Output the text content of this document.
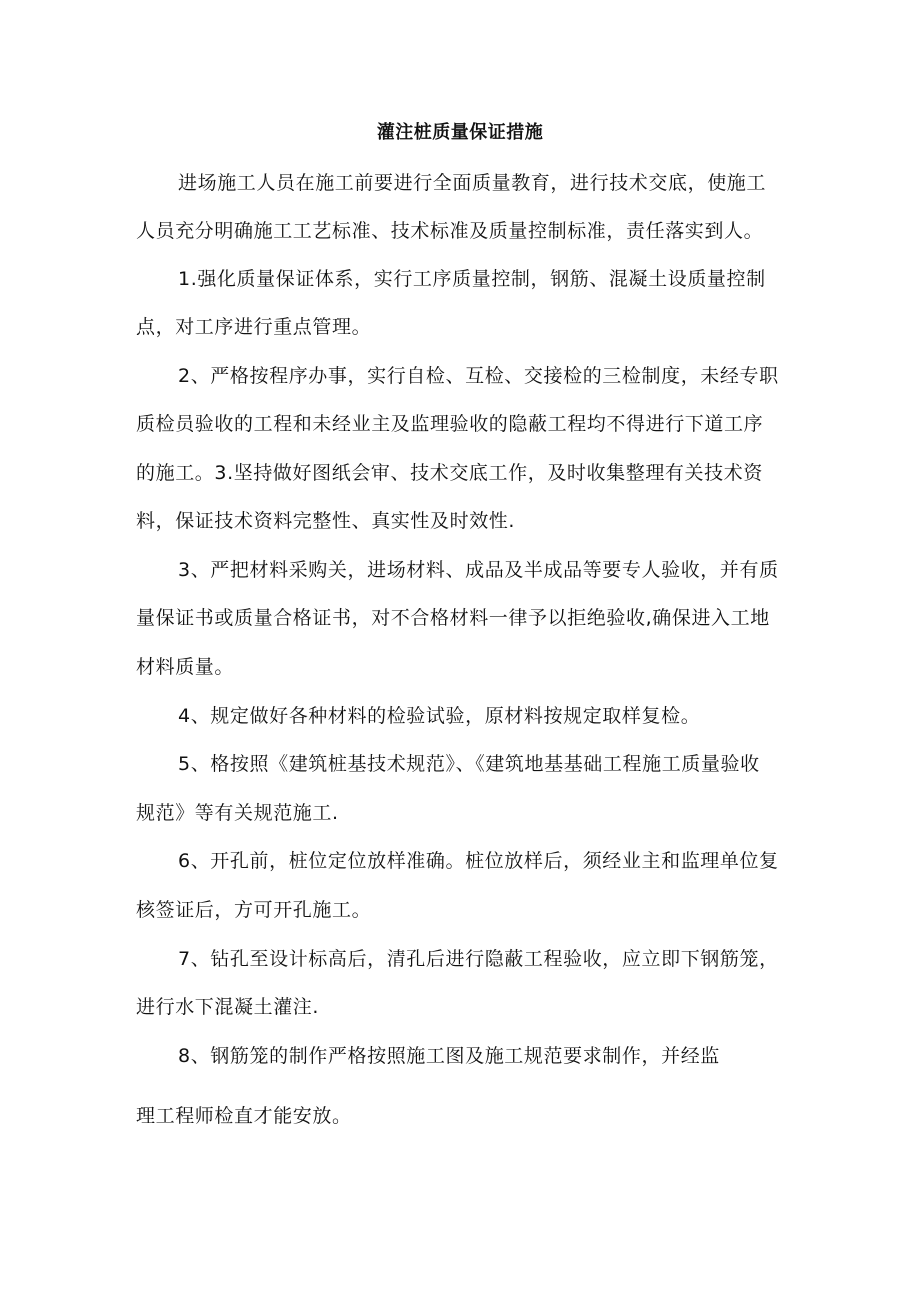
灌注桩质量保证措施
进场施工人员在施工前要进行全面质量教育，进行技术交底，使施工
人员充分明确施工工艺标准、技术标准及质量控制标准，责任落实到人。
1.强化质量保证体系，实行工序质量控制，钢筋、混凝土设质量控制
点，对工序进行重点管理。
2、严格按程序办事，实行自检、互检、交接检的三检制度，未经专职
质检员验收的工程和未经业主及监理验收的隐蔽工程均不得进行下道工序
的施工。3.坚持做好图纸会审、技术交底工作，及时收集整理有关技术资
料，保证技术资料完整性、真实性及时效性.
3、严把材料采购关，进场材料、成品及半成品等要专人验收，并有质
量保证书或质量合格证书，对不合格材料一律予以拒绝验收,确保进入工地
材料质量。
4、规定做好各种材料的检验试验，原材料按规定取样复检。
5、格按照《建筑桩基技术规范》、《建筑地基基础工程施工质量验收
规范》等有关规范施工.
6、开孔前，桩位定位放样准确。桩位放样后，须经业主和监理单位复
核签证后，方可开孔施工。
7、钻孔至设计标高后，清孔后进行隐蔽工程验收，应立即下钢筋笼，
进行水下混凝土灌注.
8、钢筋笼的制作严格按照施工图及施工规范要求制作，并经监
理工程师检直才能安放。
